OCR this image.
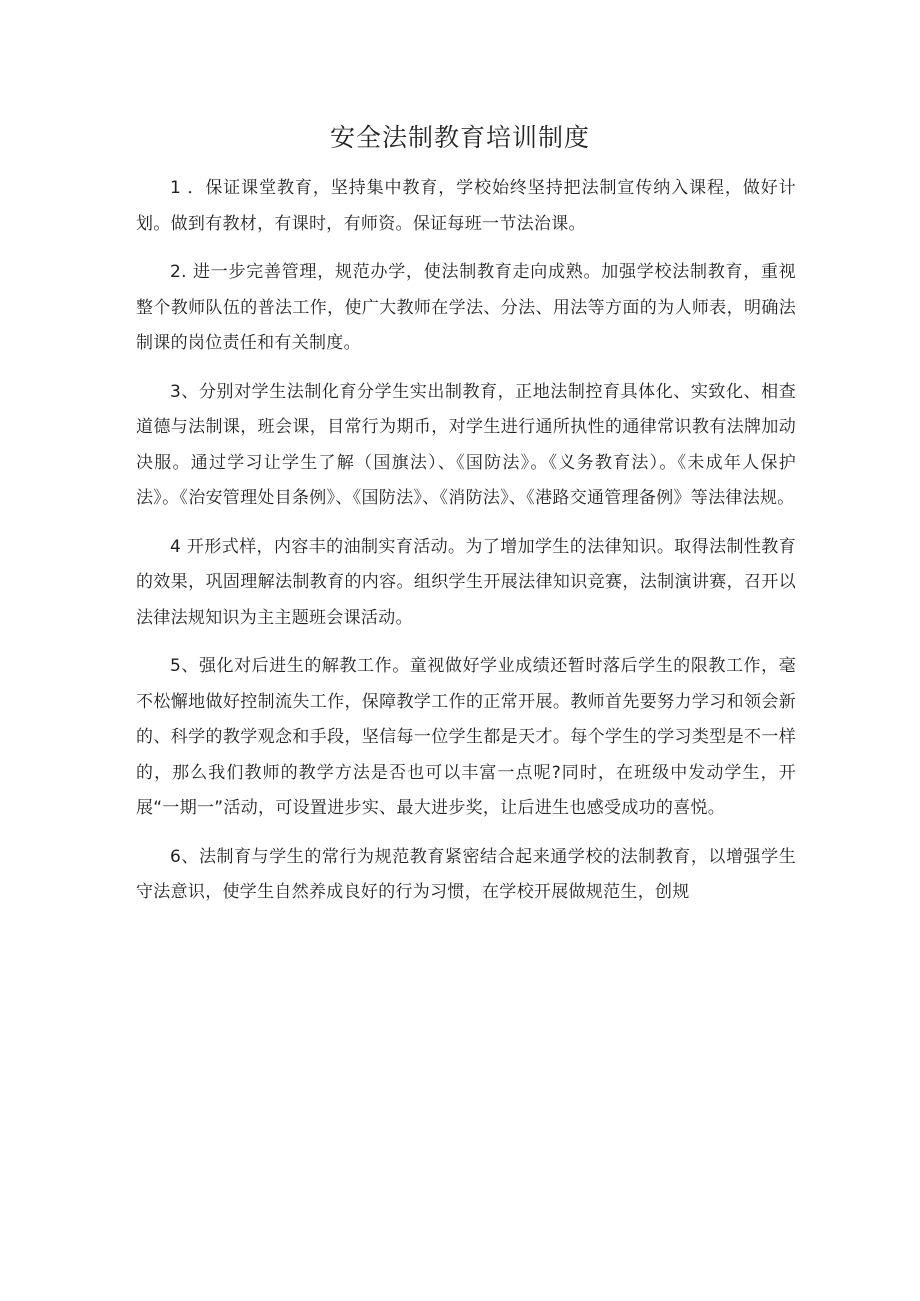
安全法制教育培训制度

1 ．保证课堂教育，坚持集中教育，学校始终坚持把法制宣传纳入课程，做好计划。做到有教材，有课时，有师资。保证每班一节法治课。

2. 进一步完善管理，规范办学，使法制教育走向成熟。加强学校法制教育，重视整个教师队伍的普法工作，使广大教师在学法、分法、用法等方面的为人师表，明确法制课的岗位责任和有关制度。

3、分别对学生法制化育分学生实出制教育，正地法制控育具体化、实致化、相查道德与法制课，班会课，目常行为期币，对学生进行通所执性的通律常识教有法牌加动决服。通过学习让学生了解（国旗法）、《国防法》。《义务教育法）。《未成年人保护法》。《治安管理处目条例》、《国防法》、《消防法》、《港路交通管理备例》等法律法规。

4 开形式样，内容丰的油制实育活动。为了增加学生的法律知识。取得法制性教育的效果，巩固理解法制教育的内容。组织学生开展法律知识竞赛，法制演讲赛，召开以法律法规知识为主主题班会课活动。

5、强化对后进生的解教工作。童视做好学业成绩还暂时落后学生的限教工作，毫不松懈地做好控制流失工作，保障教学工作的正常开展。教师首先要努力学习和领会新的、科学的教学观念和手段，坚信每一位学生都是天才。每个学生的学习类型是不一样的，那么我们教师的教学方法是否也可以丰富一点呢?同时，在班级中发动学生，开展“一期一”活动，可设置进步实、最大进步奖，让后进生也感受成功的喜悦。

6、法制育与学生的常行为规范教育紧密结合起来通学校的法制教育，以增强学生守法意识，使学生自然养成良好的行为习惯，在学校开展做规范生，创规
